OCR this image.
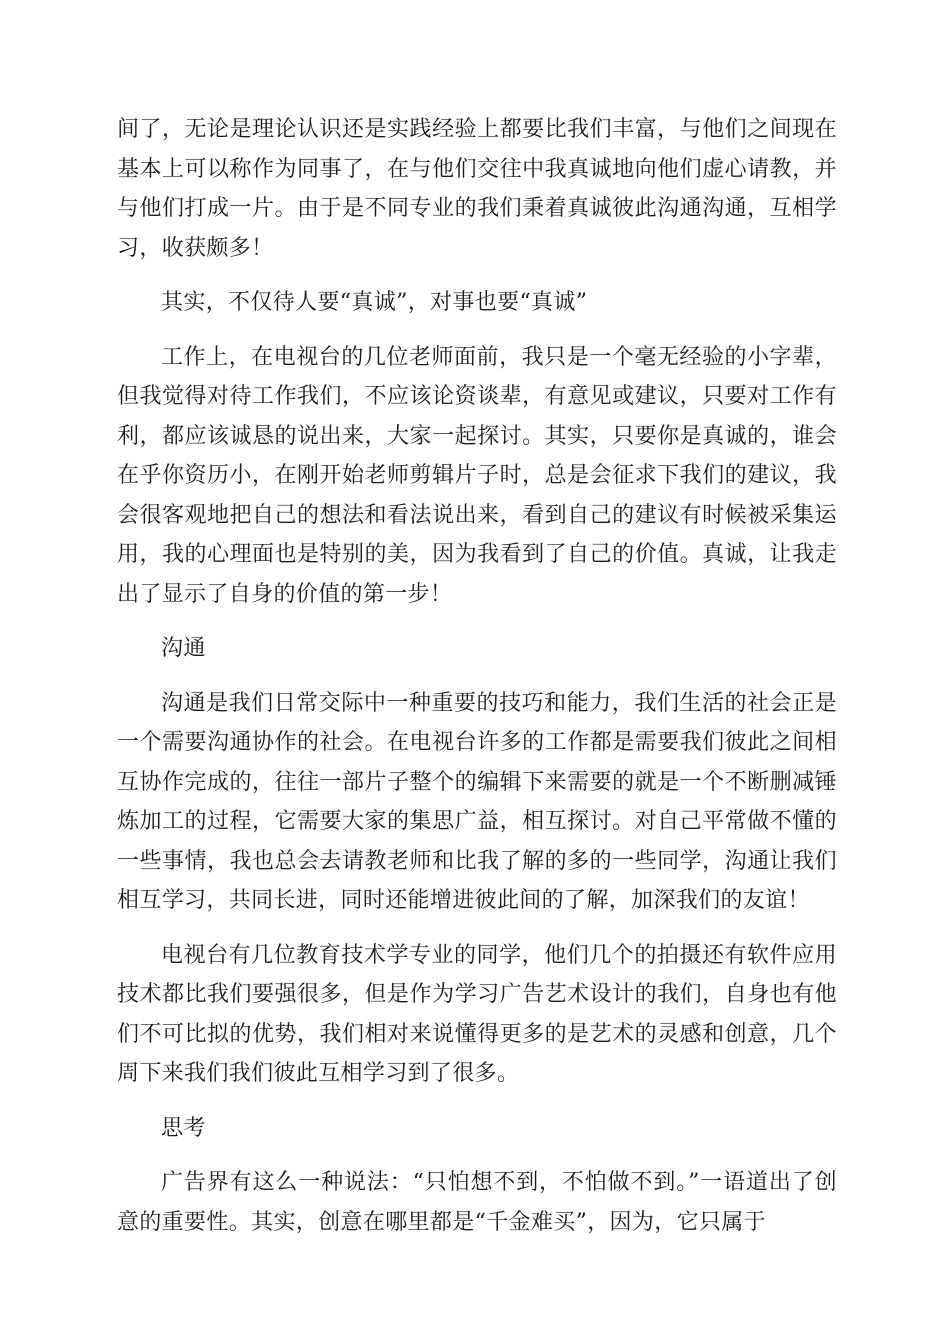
间了，无论是理论认识还是实践经验上都要比我们丰富，与他们之间现在基本上可以称作为同事了，在与他们交往中我真诚地向他们虚心请教，并与他们打成一片。由于是不同专业的我们秉着真诚彼此沟通沟通，互相学习，收获颇多！

其实，不仅待人要“真诚”，对事也要“真诚”

工作上，在电视台的几位老师面前，我只是一个毫无经验的小字辈，但我觉得对待工作我们，不应该论资谈辈，有意见或建议，只要对工作有利，都应该诚恳的说出来，大家一起探讨。其实，只要你是真诚的，谁会在乎你资历小，在刚开始老师剪辑片子时，总是会征求下我们的建议，我会很客观地把自己的想法和看法说出来，看到自己的建议有时候被采集运用，我的心理面也是特别的美，因为我看到了自己的价值。真诚，让我走出了显示了自身的价值的第一步！

沟通

沟通是我们日常交际中一种重要的技巧和能力，我们生活的社会正是一个需要沟通协作的社会。在电视台许多的工作都是需要我们彼此之间相互协作完成的，往往一部片子整个的编辑下来需要的就是一个不断删减锤炼加工的过程，它需要大家的集思广益，相互探讨。对自己平常做不懂的一些事情，我也总会去请教老师和比我了解的多的一些同学，沟通让我们相互学习，共同长进，同时还能增进彼此间的了解，加深我们的友谊！

电视台有几位教育技术学专业的同学，他们几个的拍摄还有软件应用技术都比我们要强很多，但是作为学习广告艺术设计的我们，自身也有他们不可比拟的优势，我们相对来说懂得更多的是艺术的灵感和创意，几个周下来我们我们彼此互相学习到了很多。

思考

广告界有这么一种说法：“只怕想不到，不怕做不到。”一语道出了创意的重要性。其实，创意在哪里都是“千金难买”，因为，它只属于
